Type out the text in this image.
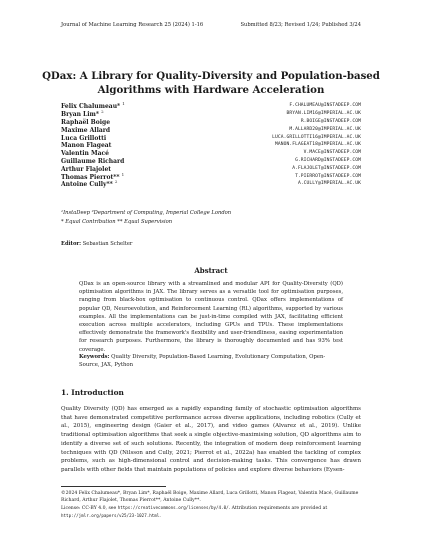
Journal of Machine Learning Research 25 (2024) 1-16	Submitted 8/23; Revised 1/24; Published 3/24
QDax: A Library for Quality-Diversity and Population-based
Algorithms with Hardware Acceleration
Felix Chalumeau* $^1$	F.CHALUMEAU@INSTADEEP.COM
Bryan Lim* $^2$	BRYAN.LIM16@IMPERIAL.AC.UK
Raphaël Boige	R.BOIGE@INSTADEEP.COM
Maxime Allard	M.ALLARD20@IMPERIAL.AC.UK
Luca Grillotti	LUCA.GRILLOTTI16@IMPERIAL.AC.UK
Manon Flageat	MANON.FLAGEAT18@IMPERIAL.AC.UK
Valentin Macé	V.MACE@INSTADEEP.COM
Guillaume Richard	G.RICHARD@INSTADEEP.COM
Arthur Flajolet	A.FLAJOLET@INSTADEEP.COM
Thomas Pierrot** $^1$	T.PIERROT@INSTADEEP.COM
Antoine Cully** $^2$	A.CULLY@IMPERIAL.AC.UK
¹InstaDeep ²Department of Computing, Imperial College London
* Equal Contribution ** Equal Supervision
Editor: Sebastian Schelter
Abstract
QDax is an open-source library with a streamlined and modular API for Quality-Diversity (QD) optimisation algorithms in JAX. The library serves as a versatile tool for optimisation purposes, ranging from black-box optimisation to continuous control. QDax offers implementations of popular QD, Neuroevolution, and Reinforcement Learning (RL) algorithms, supported by various examples. All the implementations can be just-in-time compiled with JAX, facilitating efficient execution across multiple accelerators, including GPUs and TPUs. These implementations effectively demonstrate the framework's flexibility and user-friendliness, easing experimentation for research purposes. Furthermore, the library is thoroughly documented and has 93% test coverage.
Keywords: Quality Diversity, Population-Based Learning, Evolutionary Computation, Open-Source, JAX, Python
1. Introduction
Quality Diversity (QD) has emerged as a rapidly expanding family of stochastic optimisation algorithms that have demonstrated competitive performance across diverse applications, including robotics (Cully et al., 2015), engineering design (Gaier et al., 2017), and video games (Alvarez et al., 2019). Unlike traditional optimisation algorithms that seek a single objective-maximising solution, QD algorithms aim to identify a diverse set of such solutions. Recently, the integration of modern deep reinforcement learning techniques with QD (Nilsson and Cully, 2021; Pierrot et al., 2022a) has enabled the tackling of complex problems, such as high-dimensional control and decision-making tasks. This convergence has drawn parallels with other fields that maintain populations of policies and explore diverse behaviors (Eysen-
©2024 Felix Chalumeau*, Bryan Lim*, Raphaël Boige, Maxime Allard, Luca Grillotti, Manon Flageat, Valentin Macé, Guillaume Richard, Arthur Flajolet, Thomas Pierrot**, Antoine Cully**.
License: CC-BY 4.0, see https://creativecommons.org/licenses/by/4.0/. Attribution requirements are provided at http://jmlr.org/papers/v25/23-1027.html.
